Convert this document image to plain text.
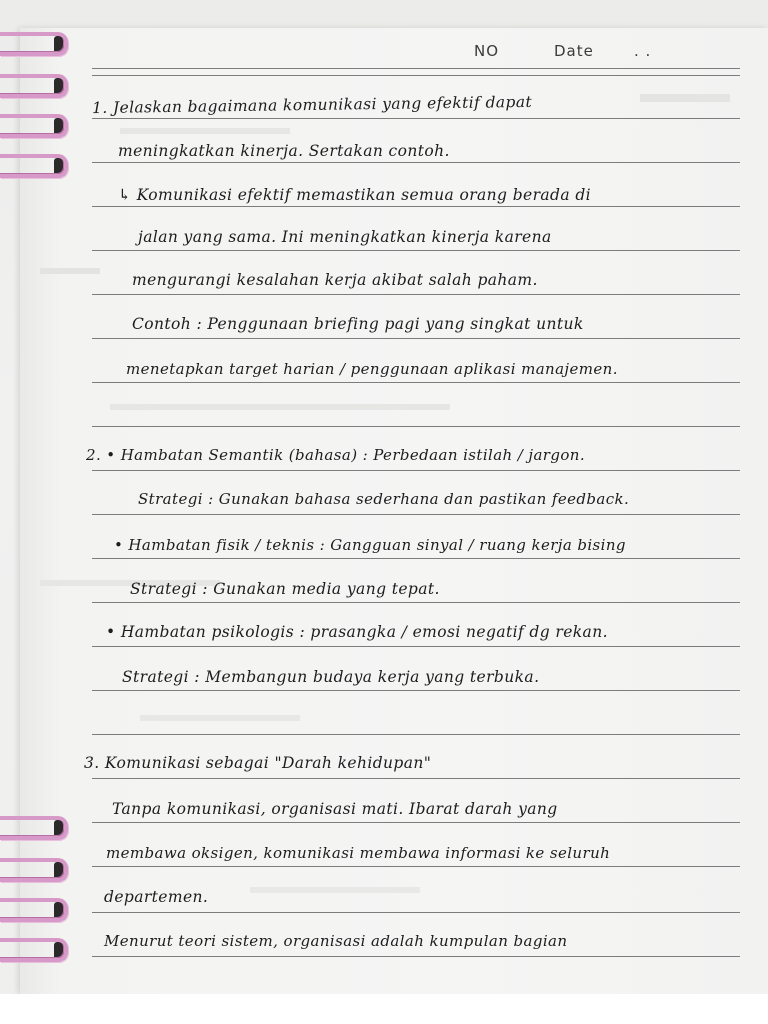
NO	Date	. .
1. Jelaskan bagaimana komunikasi yang efektif dapat
meningkatkan kinerja. Sertakan contoh.
↳ Komunikasi efektif memastikan semua orang berada di
jalan yang sama. Ini meningkatkan kinerja karena
mengurangi kesalahan kerja akibat salah paham.
Contoh : Penggunaan briefing pagi yang singkat untuk
menetapkan target harian / penggunaan aplikasi manajemen.
2. • Hambatan Semantik (bahasa) : Perbedaan istilah / jargon.
Strategi : Gunakan bahasa sederhana dan pastikan feedback.
• Hambatan fisik / teknis : Gangguan sinyal / ruang kerja bising
Strategi : Gunakan media yang tepat.
• Hambatan psikologis : prasangka / emosi negatif dg rekan.
Strategi : Membangun budaya kerja yang terbuka.
3. Komunikasi sebagai "Darah kehidupan"
Tanpa komunikasi, organisasi mati. Ibarat darah yang
membawa oksigen, komunikasi membawa informasi ke seluruh
departemen.
Menurut teori sistem, organisasi adalah kumpulan bagian
